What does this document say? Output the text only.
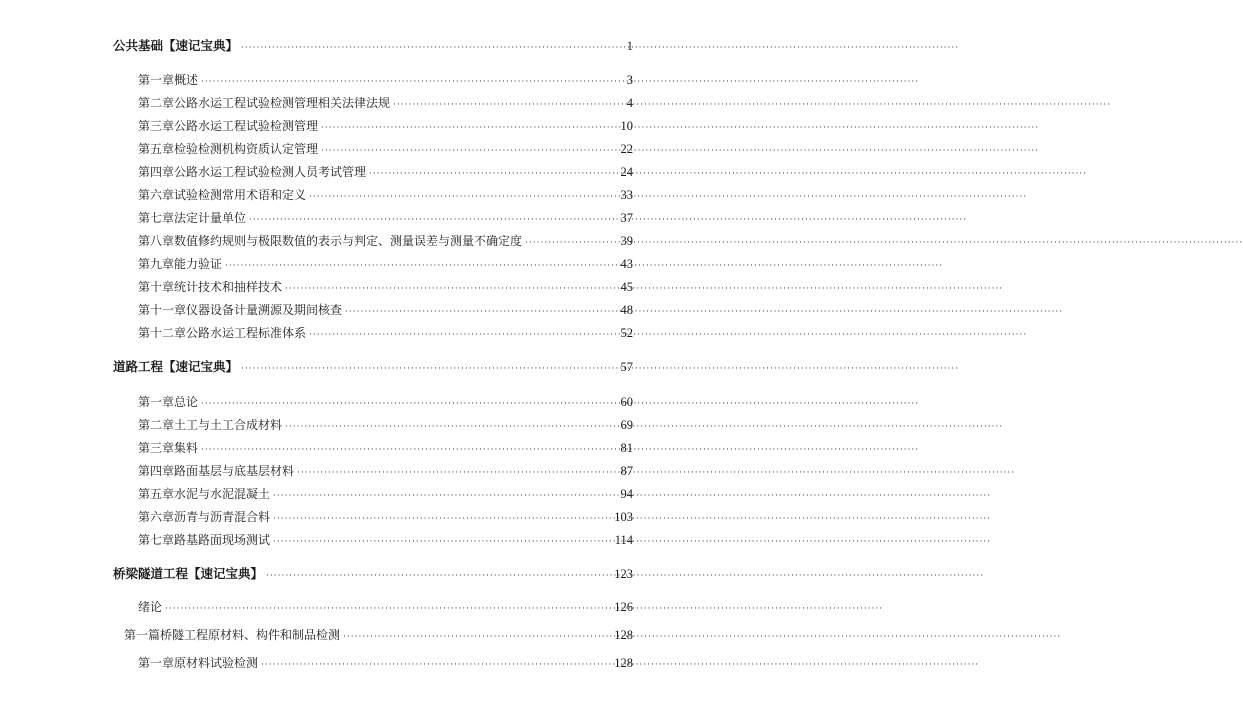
公共基础【速记宝典】 ·····	1
第一章 概述 ·····	3
第二章 公路水运工程试验检测管理相关法律法规 ·····	4
第三章 公路水运工程试验检测管理 ·····	10
第五章 检验检测机构资质认定管理 ·····	22
第四章 公路水运工程试验检测人员考试管理 ·····	24
第六章 试验检测常用术语和定义 ·····	33
第七章 法定计量单位 ·····	37
第八章 数值修约规则与极限数值的表示与判定、测量误差与测量不确定度 ·····	39
第九章 能力验证 ·····	43
第十章 统计技术和抽样技术 ·····	45
第十一章 仪器设备计量溯源及期间核查 ·····	48
第十二章 公路水运工程标准体系 ·····	52
道路工程【速记宝典】 ·····	57
第一章 总论 ·····	60
第二章 土工与土工合成材料 ·····	69
第三章 集料 ·····	81
第四章 路面基层与底基层材料 ·····	87
第五章 水泥与水泥混凝土 ·····	94
第六章 沥青与沥青混合料 ·····	103
第七章 路基路面现场测试 ·····	114
桥梁隧道工程【速记宝典】 ·····	123
绪论 ·····	126
第一篇 桥隧工程原材料、构件和制品检测 ·····	128
第一章 原材料试验检测 ·····	128
